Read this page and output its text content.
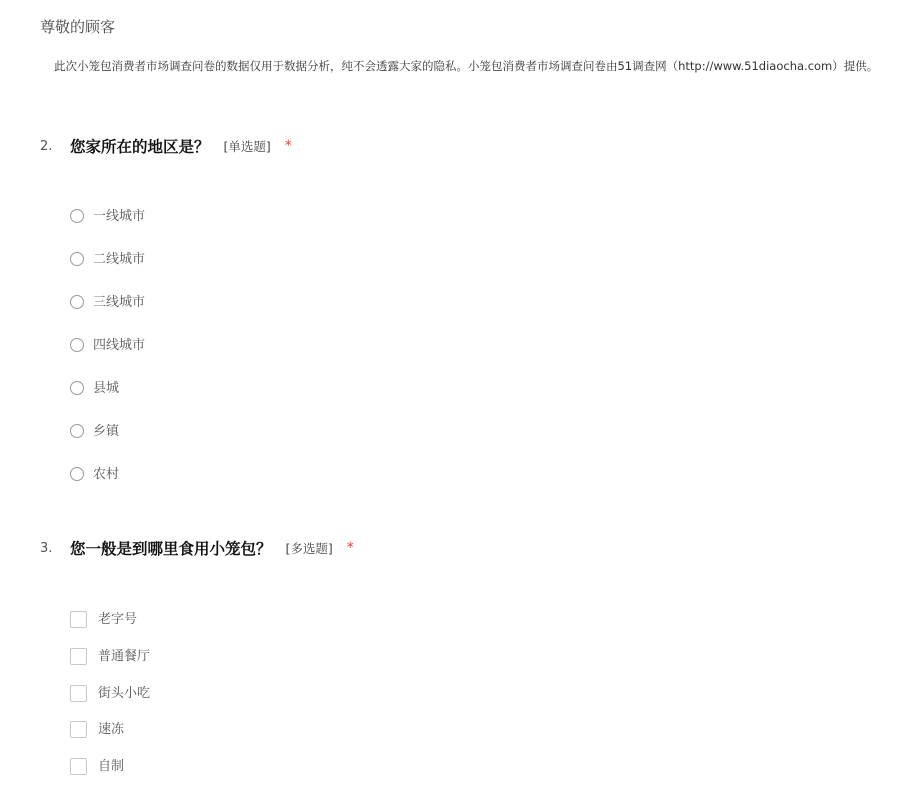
尊敬的顾客
此次小笼包消费者市场调查问卷的数据仅用于数据分析，纯不会透露大家的隐私。小笼包消费者市场调查问卷由51调查网（http://www.51diaocha.com）提供。
2.	您家所在的地区是？ [单选题] *
一线城市
二线城市
三线城市
四线城市
县城
乡镇
农村
3.	您一般是到哪里食用小笼包？ [多选题] *
老字号
普通餐厅
街头小吃
速冻
自制
